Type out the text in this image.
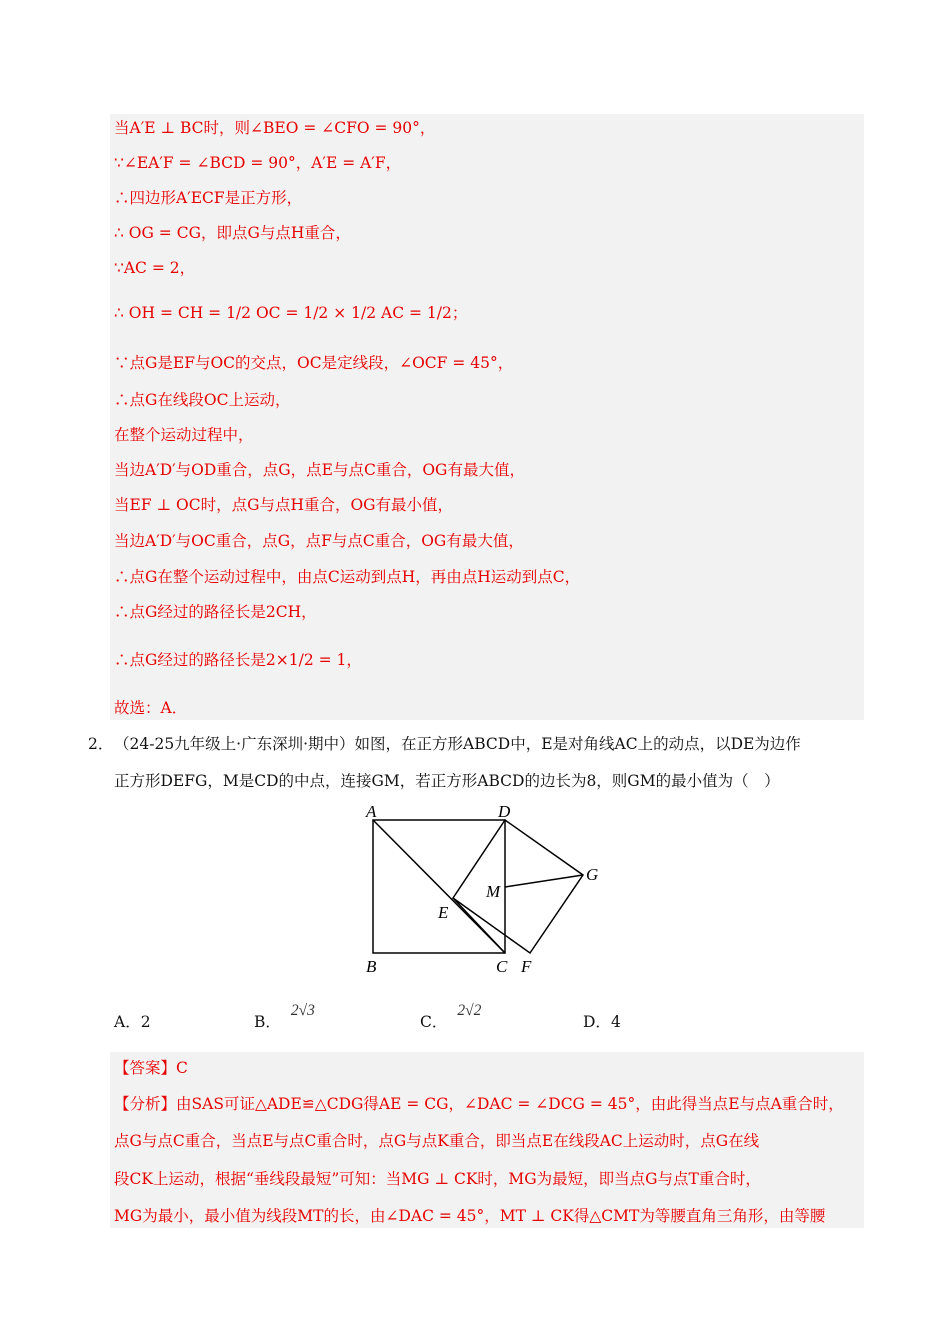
当A′E ⊥ BC时，则∠BEO = ∠CFO = 90°，
∵∠EA′F = ∠BCD = 90°，A′E = A′F，
∴四边形A′ECF是正方形，
∴ OG = CG，即点G与点H重合，
∵AC = 2，
∴ OH = CH = 1/2 OC = 1/2 × 1/2 AC = 1/2；
∵点G是EF与OC的交点，OC是定线段，∠OCF = 45°，
∴点G在线段OC上运动，
在整个运动过程中，
当边A′D′与OD重合，点G，点E与点C重合，OG有最大值，
当EF ⊥ OC时，点G与点H重合，OG有最小值，
当边A′D′与OC重合，点G，点F与点C重合，OG有最大值，
∴点G在整个运动过程中，由点C运动到点H，再由点H运动到点C，
∴点G经过的路径长是2CH，
∴点G经过的路径长是2×1/2 = 1，
故选：A．
2． （24-25九年级上·广东深圳·期中）如图，在正方形ABCD中，E是对角线AC上的动点，以DE为边作
正方形DEFG，M是CD的中点，连接GM，若正方形ABCD的边长为8，则GM的最小值为（　）
A	D
B	C F
E
M
G
A．2	B．2√3
C．2√2
D．4
【答案】C
【分析】由SAS可证△ADE≌△CDG得AE = CG，∠DAC = ∠DCG = 45°，由此得当点E与点A重合时，
点G与点C重合，当点E与点C重合时，点G与点K重合，即当点E在线段AC上运动时，点G在线
段CK上运动，根据“垂线段最短”可知：当MG ⊥ CK时，MG为最短，即当点G与点T重合时，
MG为最小，最小值为线段MT的长，由∠DAC = 45°，MT ⊥ CK得△CMT为等腰直角三角形，由等腰
